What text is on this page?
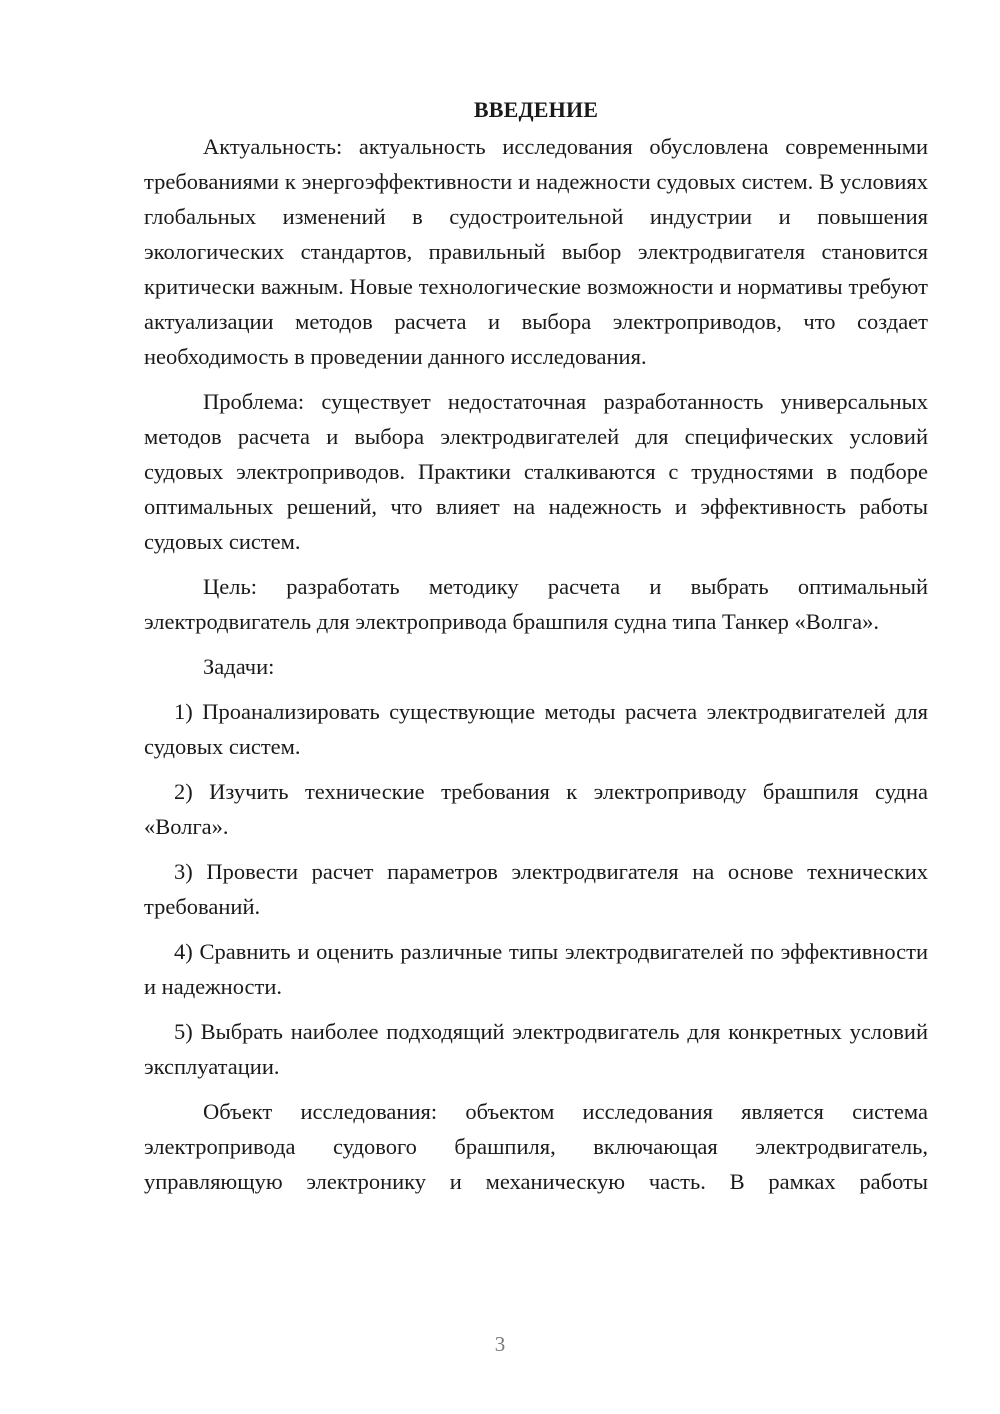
ВВЕДЕНИЕ

Актуальность: актуальность исследования обусловлена современными требованиями к энергоэффективности и надежности судовых систем. В условиях глобальных изменений в судостроительной индустрии и повышения экологических стандартов, правильный выбор электродвигателя становится критически важным. Новые технологические возможности и нормативы требуют актуализации методов расчета и выбора электроприводов, что создает необходимость в проведении данного исследования.

Проблема: существует недостаточная разработанность универсальных методов расчета и выбора электродвигателей для специфических условий судовых электроприводов. Практики сталкиваются с трудностями в подборе оптимальных решений, что влияет на надежность и эффективность работы судовых систем.

Цель: разработать методику расчета и выбрать оптимальный электродвигатель для электропривода брашпиля судна типа Танкер «Волга».

Задачи:

1) Проанализировать существующие методы расчета электродвигателей для судовых систем.

2) Изучить технические требования к электроприводу брашпиля судна «Волга».

3) Провести расчет параметров электродвигателя на основе технических требований.

4) Сравнить и оценить различные типы электродвигателей по эффективности и надежности.

5) Выбрать наиболее подходящий электродвигатель для конкретных условий эксплуатации.

Объект исследования: объектом исследования является система электропривода судового брашпиля, включающая электродвигатель, управляющую электронику и механическую часть. В рамках работы

3
